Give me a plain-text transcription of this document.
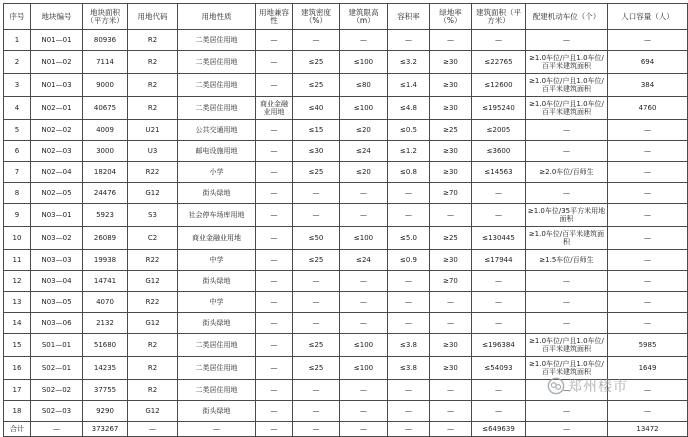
序号	地块编号	地块面积（平方米）	用地代码	用地性质	用地兼容性	建筑密度（%）	建筑限高（m）	容积率	绿地率（%）	建筑面积（平方米）	配建机动车位（个）	人口容量（人）
1	N01—01	80936	R2	二类居住用地	—	—	—	—	—	—	—	—
2	N01—02	7114	R2	二类居住用地	—	≤25	≤100	≤3.2	≥30	≤22765	≥1.0车位/户且1.0车位/百平米建筑面积	694
3	N01—03	9000	R2	二类居住用地	—	≤25	≤80	≤1.4	≥30	≤12600	≥1.0车位/户且1.0车位/百平米建筑面积	384
4	N02—01	40675	R2	二类居住用地	商业金融业用地	≤40	≤100	≤4.8	≥30	≤195240	≥1.0车位/户且1.0车位/百平米建筑面积	4760
5	N02—02	4009	U21	公共交通用地	—	≤15	≤20	≤0.5	≥25	≤2005	—	—
6	N02—03	3000	U3	邮电设施用地	—	≤30	≤24	≤1.2	≥30	≤3600	—	—
7	N02—04	18204	R22	小学	—	≤25	≤20	≤0.8	≥30	≤14563	≥2.0车位/百师生	—
8	N02—05	24476	G12	街头绿地	—	—	—	—	≥70	—	—	—
9	N03—01	5923	S3	社会停车场库用地	—	—	—	—	—	—	≥1.0车位/35平方米用地面积	—
10	N03—02	26089	C2	商业金融业用地	—	≤50	≤100	≤5.0	≥25	≤130445	≥1.0车位/百平米建筑面积	—
11	N03—03	19938	R22	中学	—	≤25	≤24	≤0.9	≥30	≤17944	≥1.5车位/百师生	—
12	N03—04	14741	G12	街头绿地	—	—	—	—	≥70	—	—	—
13	N03—05	4070	R22	中学	—	—	—	—	—	—	—	—
14	N03—06	2132	G12	街头绿地	—	—	—	—	—	—	—	—
15	S01—01	51680	R2	二类居住用地	—	≤25	≤100	≤3.8	≥30	≤196384	≥1.0车位/户且1.0车位/百平米建筑面积	5985
16	S02—01	14235	R2	二类居住用地	—	≤25	≤100	≤3.8	≥30	≤54093	≥1.0车位/户且1.0车位/百平米建筑面积	1649
17	S02—02	37755	R2	二类居住用地	—	—	—	—	—	—	—	—
18	S02—03	9290	G12	街头绿地	—	—	—	—	—	—	—	—
合计	—	373267	—	—	—	—	—	—	—	≤649639	—	13472
郑州楼市
